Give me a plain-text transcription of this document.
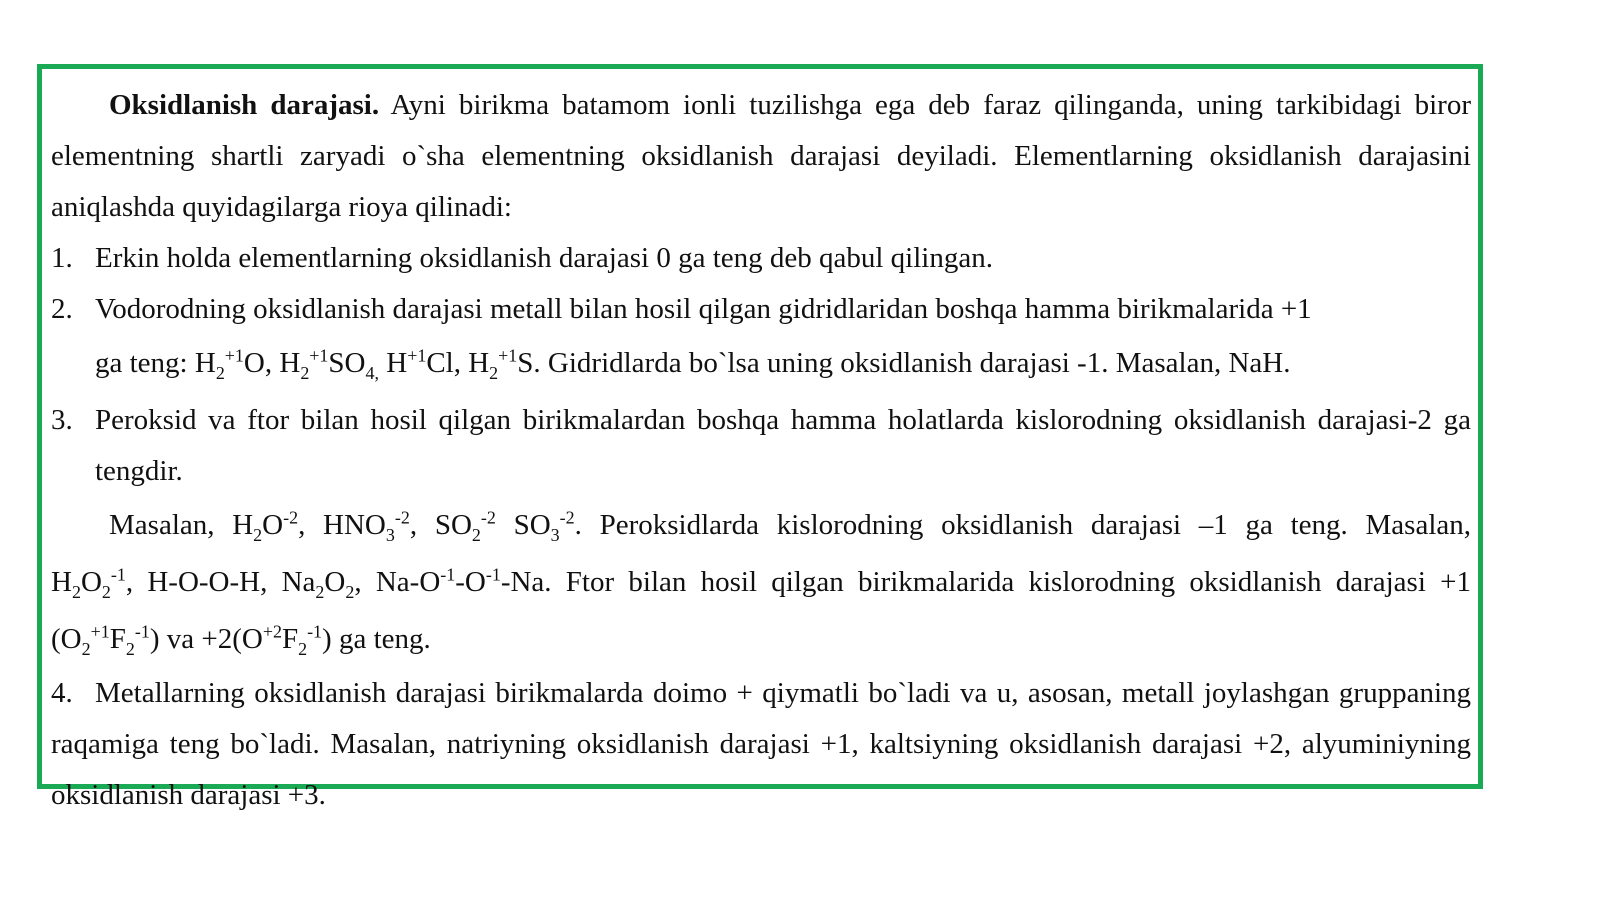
Oksidlanish darajasi. Ayni birikma batamom ionli tuzilishga ega deb faraz qilinganda, uning tarkibidagi biror elementning shartli zaryadi o`sha elementning oksidlanish darajasi deyiladi. Elementlarning oksidlanish darajasini aniqlashda quyidagilarga rioya qilinadi:
1. Erkin holda elementlarning oksidlanish darajasi 0 ga teng deb qabul qilingan.
2. Vodorodning oksidlanish darajasi metall bilan hosil qilgan gidridlaridan boshqa hamma birikmalarida +1
ga teng: $H_2^{+1}O$, $H_2^{+1}SO_{4,}$ $H^{+1}Cl$, $H_2^{+1}S$. Gidridlarda bo`lsa uning oksidlanish darajasi -1. Masalan, NaH.
3. Peroksid va ftor bilan hosil qilgan birikmalardan boshqa hamma holatlarda kislorodning oksidlanish darajasi-2 ga tengdir.
Masalan, $H_2O^{-2}$, $HNO_3^{-2}$, $SO_2^{-2}$ $SO_3^{-2}$. Peroksidlarda kislorodning oksidlanish darajasi –1 ga teng. Masalan, $H_2O_2^{-1}$, H-O-O-H, $Na_2O_2$, $Na-O^{-1}-O^{-1}-Na$. Ftor bilan hosil qilgan birikmalarida kislorodning oksidlanish darajasi +1 $(O_2^{+1}F_2^{-1})$ va $+2(O^{+2}F_2^{-1})$ ga teng.
4. Metallarning oksidlanish darajasi birikmalarda doimo + qiymatli bo`ladi va u, asosan, metall joylashgan gruppaning raqamiga teng bo`ladi. Masalan, natriyning oksidlanish darajasi +1, kaltsiyning oksidlanish darajasi +2, alyuminiyning oksidlanish darajasi +3.
